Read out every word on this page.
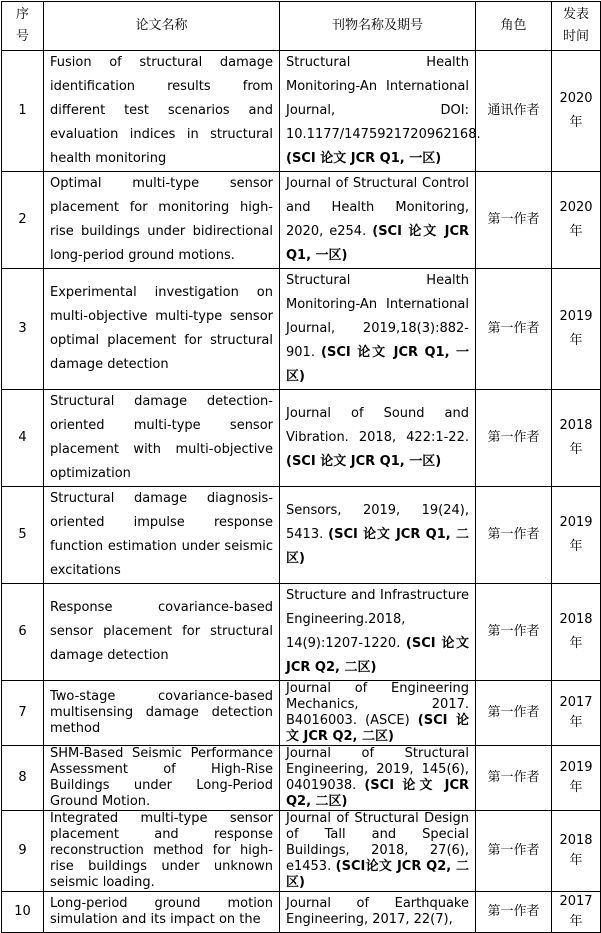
序
号	论文名称	刊物名称及期号	角色	发表
时间

1	Fusion of structural damage identification results from different test scenarios and evaluation indices in structural health monitoring	Structural Health Monitoring-An International Journal, DOI: 10.1177/1475921720962168. (SCI 论文 JCR Q1, 一区)	通讯作者	2020
年

2	Optimal multi-type sensor placement for monitoring high-rise buildings under bidirectional long-period ground motions.	Journal of Structural Control and Health Monitoring, 2020, e254. (SCI 论文 JCR Q1, 一区)	第一作者	2020
年

3	Experimental investigation on multi-objective multi-type sensor optimal placement for structural damage detection	Structural Health Monitoring-An International Journal, 2019,18(3):882-901. (SCI 论文 JCR Q1, 一区)	第一作者	2019
年

4	Structural damage detection-oriented multi-type sensor placement with multi-objective optimization	Journal of Sound and Vibration. 2018, 422:1-22. (SCI 论文 JCR Q1, 一区)	第一作者	2018
年

5	Structural damage diagnosis-oriented impulse response function estimation under seismic excitations	Sensors, 2019, 19(24), 5413. (SCI 论文 JCR Q1, 二区)	第一作者	2019
年

6	Response covariance-based sensor placement for structural damage detection	Structure and Infrastructure Engineering.2018, 14(9):1207-1220. (SCI 论文 JCR Q2, 二区)	第一作者	2018
年

7	Two-stage covariance-based multisensing damage detection method	Journal of Engineering Mechanics, 2017. B4016003. (ASCE) (SCI 论文 JCR Q2, 二区)	第一作者	2017
年

8	SHM-Based Seismic Performance Assessment of High-Rise Buildings under Long-Period Ground Motion.	Journal of Structural Engineering, 2019, 145(6), 04019038. (SCI 论文 JCR Q2, 二区)	第一作者	2019
年

9	Integrated multi-type sensor placement and response reconstruction method for high-rise buildings under unknown seismic loading.	Journal of Structural Design of Tall and Special Buildings, 2018, 27(6), e1453. (SCI论文 JCR Q2, 二区)	第一作者	2018
年

10	Long-period ground motion simulation and its impact on the	Journal of Earthquake Engineering, 2017, 22(7),	第一作者	2017
年
